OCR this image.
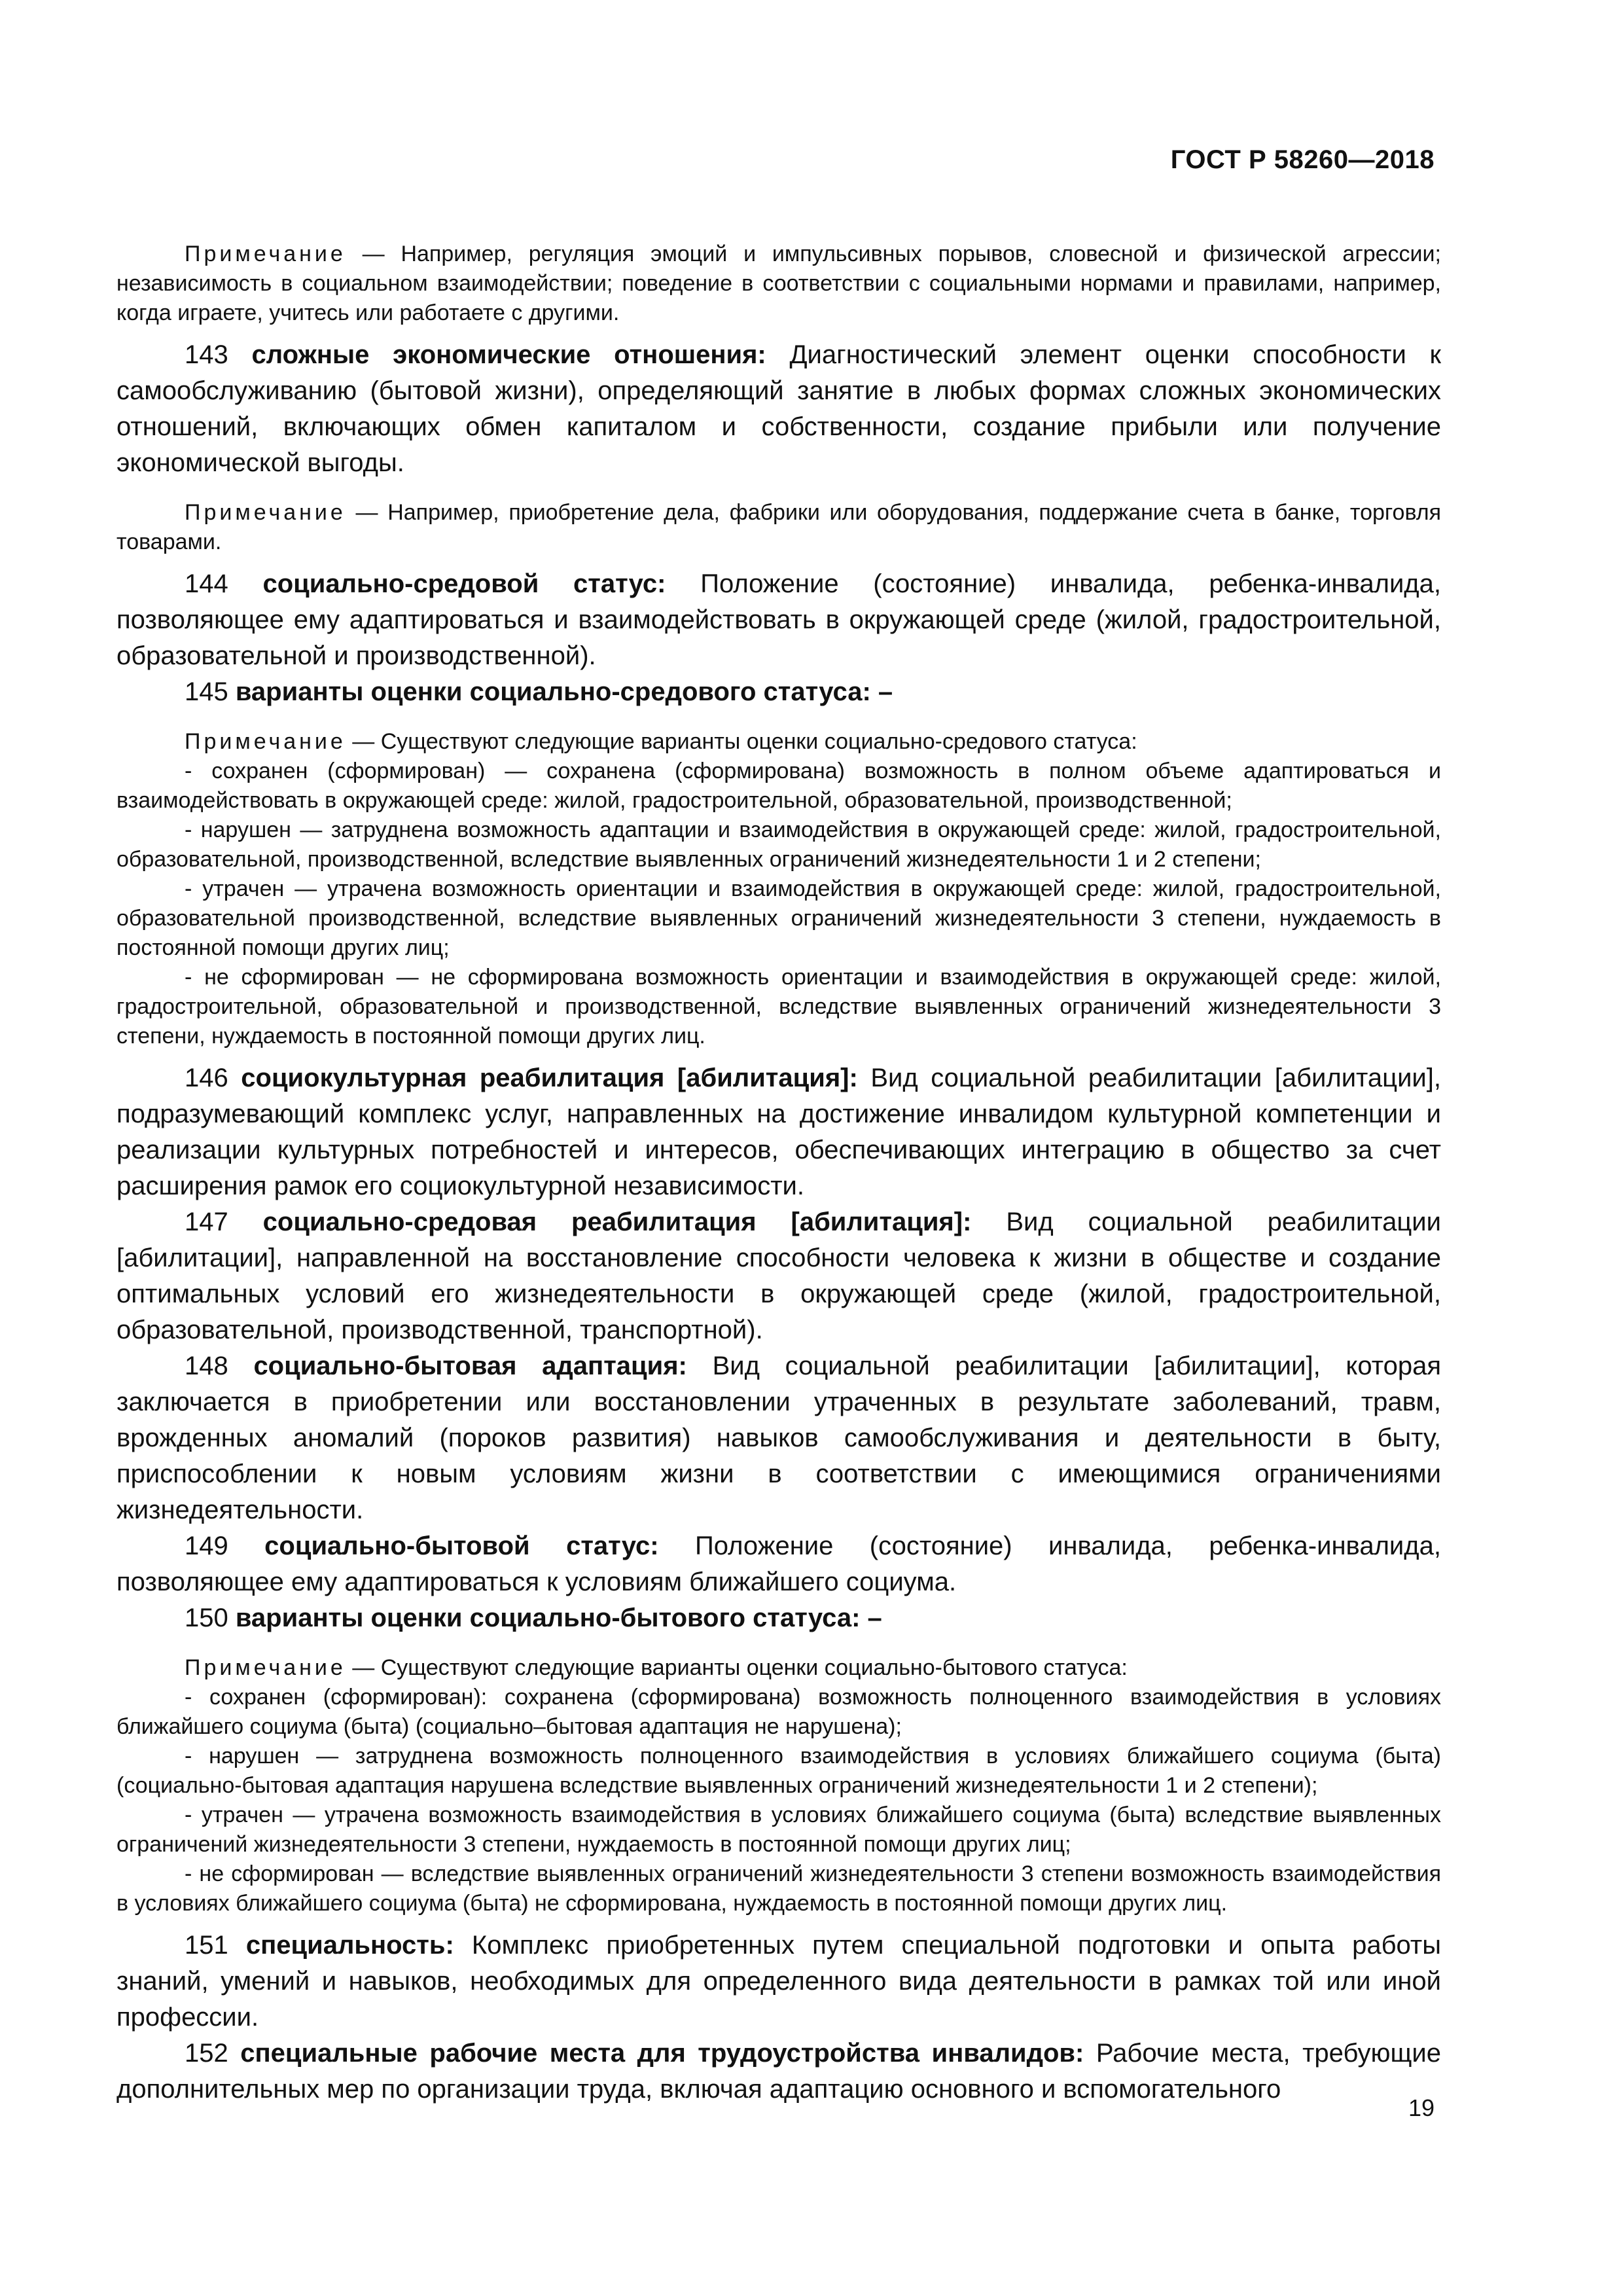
ГОСТ Р 58260—2018

Примечание — Например, регуляция эмоций и импульсивных порывов, словесной и физической агрессии; независимость в социальном взаимодействии; поведение в соответствии с социальными нормами и правилами, например, когда играете, учитесь или работаете с другими.

143 сложные экономические отношения: Диагностический элемент оценки способности к самообслуживанию (бытовой жизни), определяющий занятие в любых формах сложных экономических отношений, включающих обмен капиталом и собственности, создание прибыли или получение экономической выгоды.

Примечание — Например, приобретение дела, фабрики или оборудования, поддержание счета в банке, торговля товарами.

144 социально-средовой статус: Положение (состояние) инвалида, ребенка-инвалида, позволяющее ему адаптироваться и взаимодействовать в окружающей среде (жилой, градостроительной, образовательной и производственной).

145 варианты оценки социально-средового статуса: –

Примечание — Существуют следующие варианты оценки социально-средового статуса:

- сохранен (сформирован) — сохранена (сформирована) возможность в полном объеме адаптироваться и взаимодействовать в окружающей среде: жилой, градостроительной, образовательной, производственной;

- нарушен — затруднена возможность адаптации и взаимодействия в окружающей среде: жилой, градостроительной, образовательной, производственной, вследствие выявленных ограничений жизнедеятельности 1 и 2 степени;

- утрачен — утрачена возможность ориентации и взаимодействия в окружающей среде: жилой, градостроительной, образовательной производственной, вследствие выявленных ограничений жизнедеятельности 3 степени, нуждаемость в постоянной помощи других лиц;

- не сформирован — не сформирована возможность ориентации и взаимодействия в окружающей среде: жилой, градостроительной, образовательной и производственной, вследствие выявленных ограничений жизнедеятельности 3 степени, нуждаемость в постоянной помощи других лиц.

146 социокультурная реабилитация [абилитация]: Вид социальной реабилитации [абилитации], подразумевающий комплекс услуг, направленных на достижение инвалидом культурной компетенции и реализации культурных потребностей и интересов, обеспечивающих интеграцию в общество за счет расширения рамок его социокультурной независимости.

147 социально-средовая реабилитация [абилитация]: Вид социальной реабилитации [абилитации], направленной на восстановление способности человека к жизни в обществе и создание оптимальных условий его жизнедеятельности в окружающей среде (жилой, градостроительной, образовательной, производственной, транспортной).

148 социально-бытовая адаптация: Вид социальной реабилитации [абилитации], которая заключается в приобретении или восстановлении утраченных в результате заболеваний, травм, врожденных аномалий (пороков развития) навыков самообслуживания и деятельности в быту, приспособлении к новым условиям жизни в соответствии с имеющимися ограничениями жизнедеятельности.

149 социально-бытовой статус: Положение (состояние) инвалида, ребенка-инвалида, позволяющее ему адаптироваться к условиям ближайшего социума.

150 варианты оценки социально-бытового статуса: –

Примечание — Существуют следующие варианты оценки социально-бытового статуса:

- сохранен (сформирован): сохранена (сформирована) возможность полноценного взаимодействия в условиях ближайшего социума (быта) (социально–бытовая адаптация не нарушена);

- нарушен — затруднена возможность полноценного взаимодействия в условиях ближайшего социума (быта) (социально-бытовая адаптация нарушена вследствие выявленных ограничений жизнедеятельности 1 и 2 степени);

- утрачен — утрачена возможность взаимодействия в условиях ближайшего социума (быта) вследствие выявленных ограничений жизнедеятельности 3 степени, нуждаемость в постоянной помощи других лиц;

- не сформирован — вследствие выявленных ограничений жизнедеятельности 3 степени возможность взаимодействия в условиях ближайшего социума (быта) не сформирована, нуждаемость в постоянной помощи других лиц.

151 специальность: Комплекс приобретенных путем специальной подготовки и опыта работы знаний, умений и навыков, необходимых для определенного вида деятельности в рамках той или иной профессии.

152 специальные рабочие места для трудоустройства инвалидов: Рабочие места, требующие дополнительных мер по организации труда, включая адаптацию основного и вспомогательного

19
